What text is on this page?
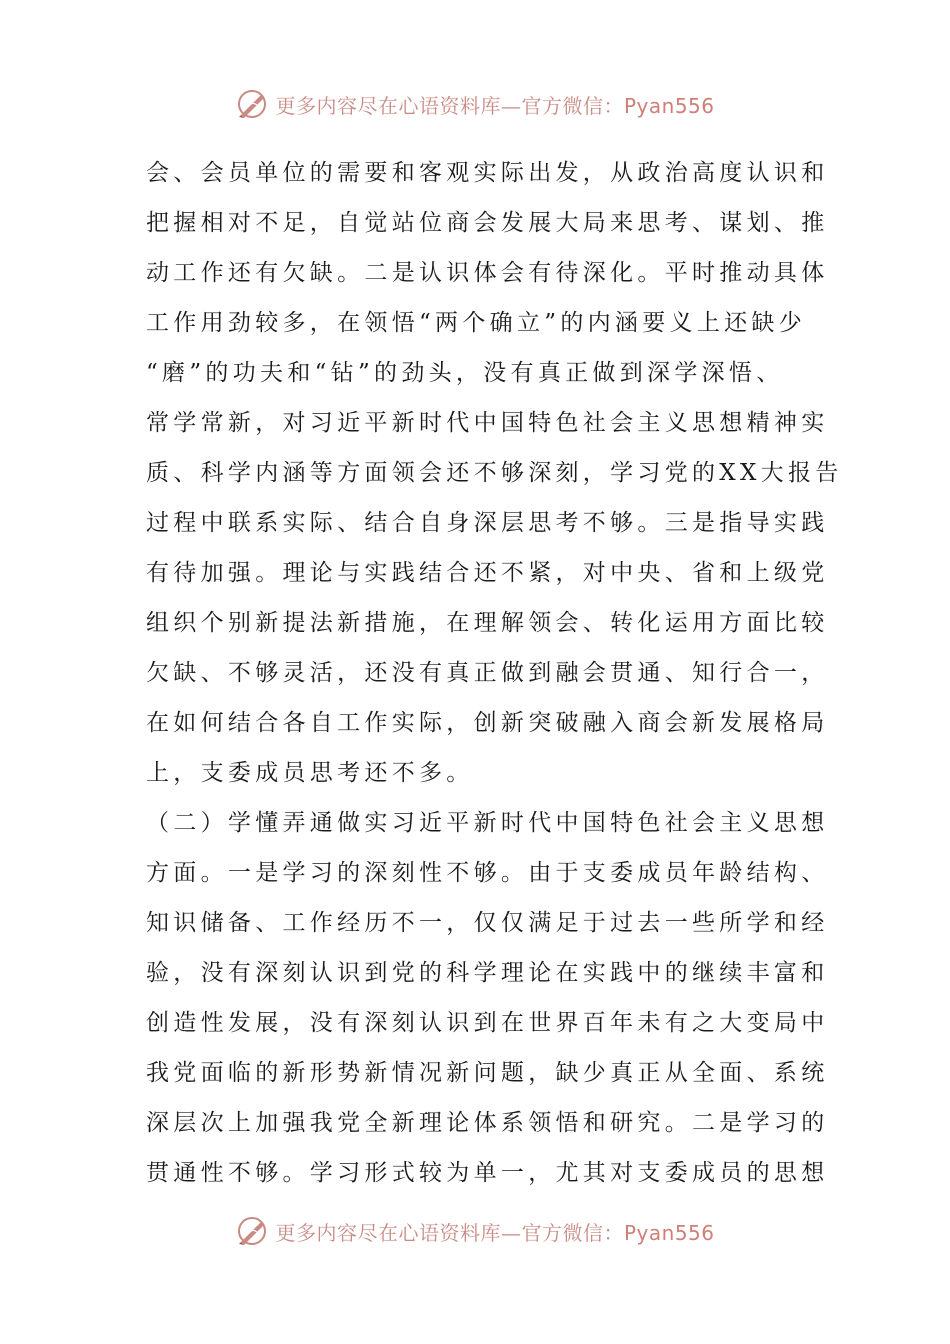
更多内容尽在心语资料库—官方微信：Pyan556
会、会员单位的需要和客观实际出发，从政治高度认识和
把握相对不足，自觉站位商会发展大局来思考、谋划、推
动工作还有欠缺。二是认识体会有待深化。平时推动具体
工作用劲较多，在领悟“两个确立”的内涵要义上还缺少
“磨”的功夫和“钻”的劲头，没有真正做到深学深悟、
常学常新，对习近平新时代中国特色社会主义思想精神实
质、科学内涵等方面领会还不够深刻，学习党的XX大报告
过程中联系实际、结合自身深层思考不够。三是指导实践
有待加强。理论与实践结合还不紧，对中央、省和上级党
组织个别新提法新措施，在理解领会、转化运用方面比较
欠缺、不够灵活，还没有真正做到融会贯通、知行合一，
在如何结合各自工作实际，创新突破融入商会新发展格局
上，支委成员思考还不多。
（二）学懂弄通做实习近平新时代中国特色社会主义思想
方面。一是学习的深刻性不够。由于支委成员年龄结构、
知识储备、工作经历不一，仅仅满足于过去一些所学和经
验，没有深刻认识到党的科学理论在实践中的继续丰富和
创造性发展，没有深刻认识到在世界百年未有之大变局中
我党面临的新形势新情况新问题，缺少真正从全面、系统
深层次上加强我党全新理论体系领悟和研究。二是学习的
贯通性不够。学习形式较为单一，尤其对支委成员的思想
更多内容尽在心语资料库—官方微信：Pyan556
